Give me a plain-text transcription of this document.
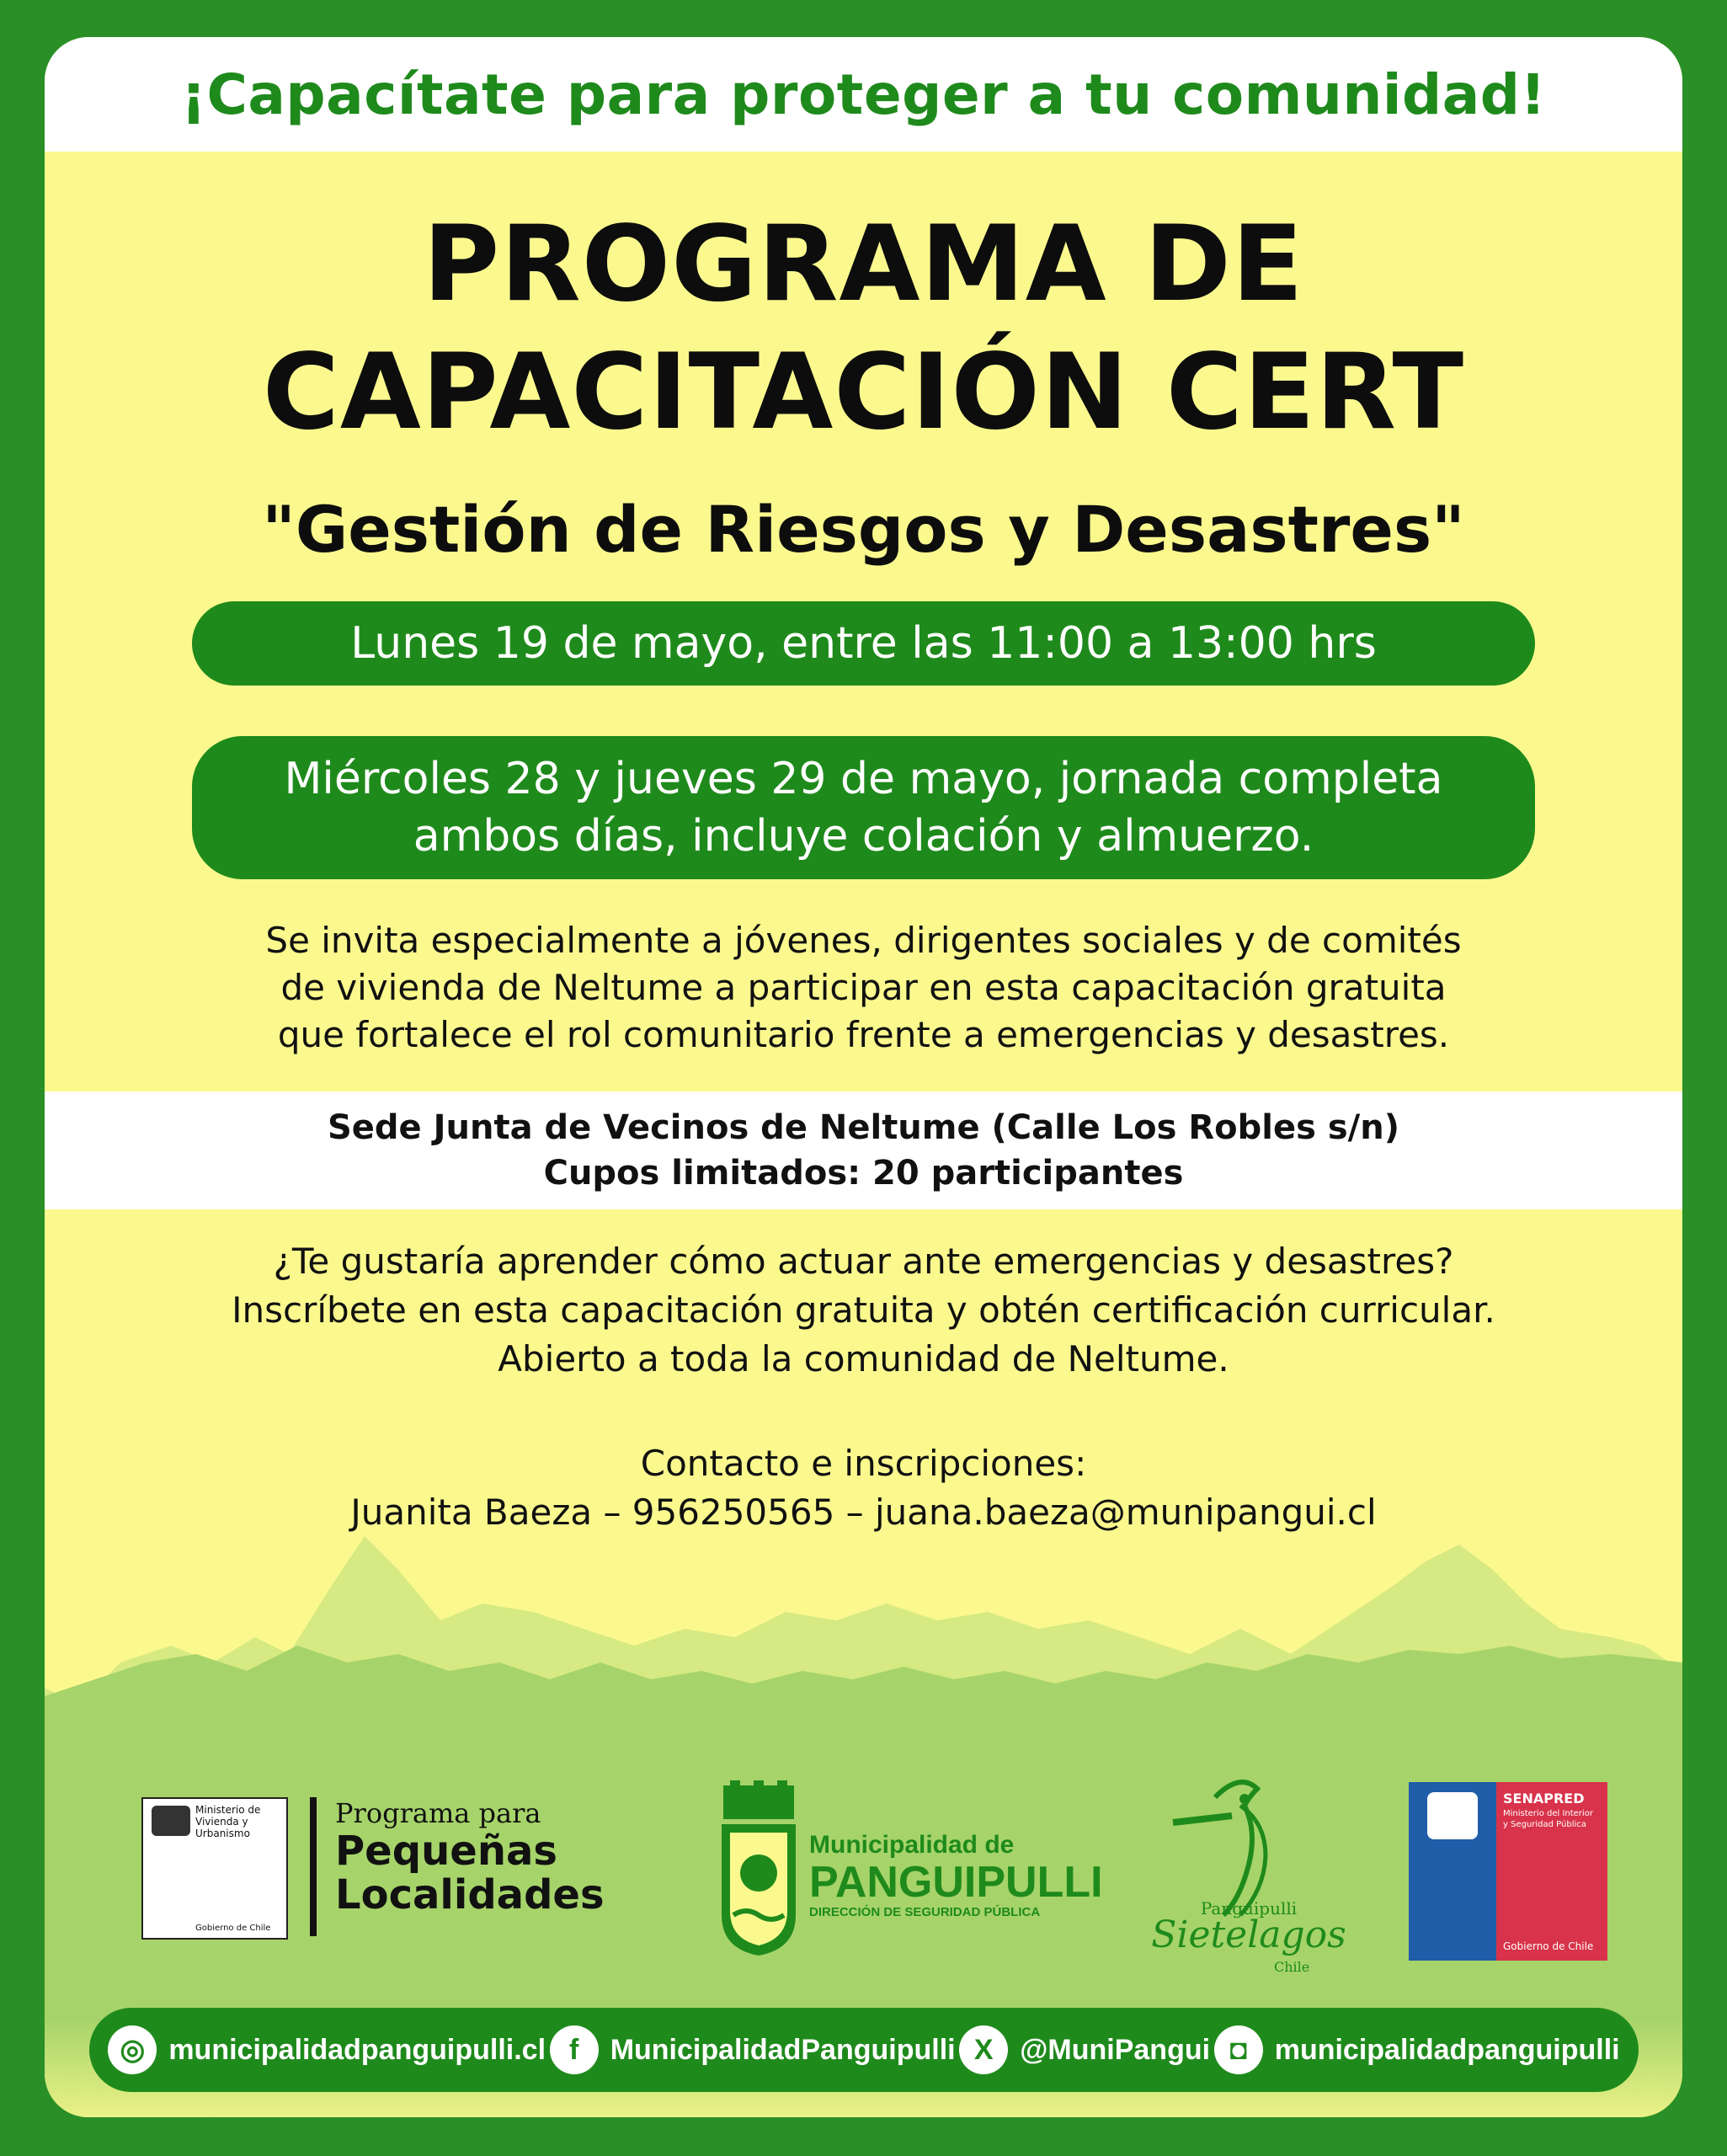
¡Capacítate para proteger a tu comunidad!
PROGRAMA DE
CAPACITACIÓN CERT
"Gestión de Riesgos y Desastres"
Lunes 19 de mayo, entre las 11:00 a 13:00 hrs
Miércoles 28 y jueves 29 de mayo, jornada completa
ambos días, incluye colación y almuerzo.
Se invita especialmente a jóvenes, dirigentes sociales y de comités
de vivienda de Neltume a participar en esta capacitación gratuita
que fortalece el rol comunitario frente a emergencias y desastres.
Sede Junta de Vecinos de Neltume (Calle Los Robles s/n)
Cupos limitados: 20 participantes
¿Te gustaría aprender cómo actuar ante emergencias y desastres?
Inscríbete en esta capacitación gratuita y obtén certificación curricular.
Abierto a toda la comunidad de Neltume.
Contacto e inscripciones:
Juanita Baeza – 956250565 – juana.baeza@munipangui.cl
Ministerio de Vivienda y Urbanismo
Gobierno de Chile
Programa para
Pequeñas
Localidades
Municipalidad de
PANGUIPULLI
DIRECCIÓN DE SEGURIDAD PÚBLICA	Panguipulli
Sietelagos
Chile
SENAPRED
Ministerio del Interior
y Seguridad Pública
Gobierno de Chile
◎ municipalidadpanguipulli.cl f	MunicipalidadPanguipulli X @MuniPangui ◘ municipalidadpanguipulli
